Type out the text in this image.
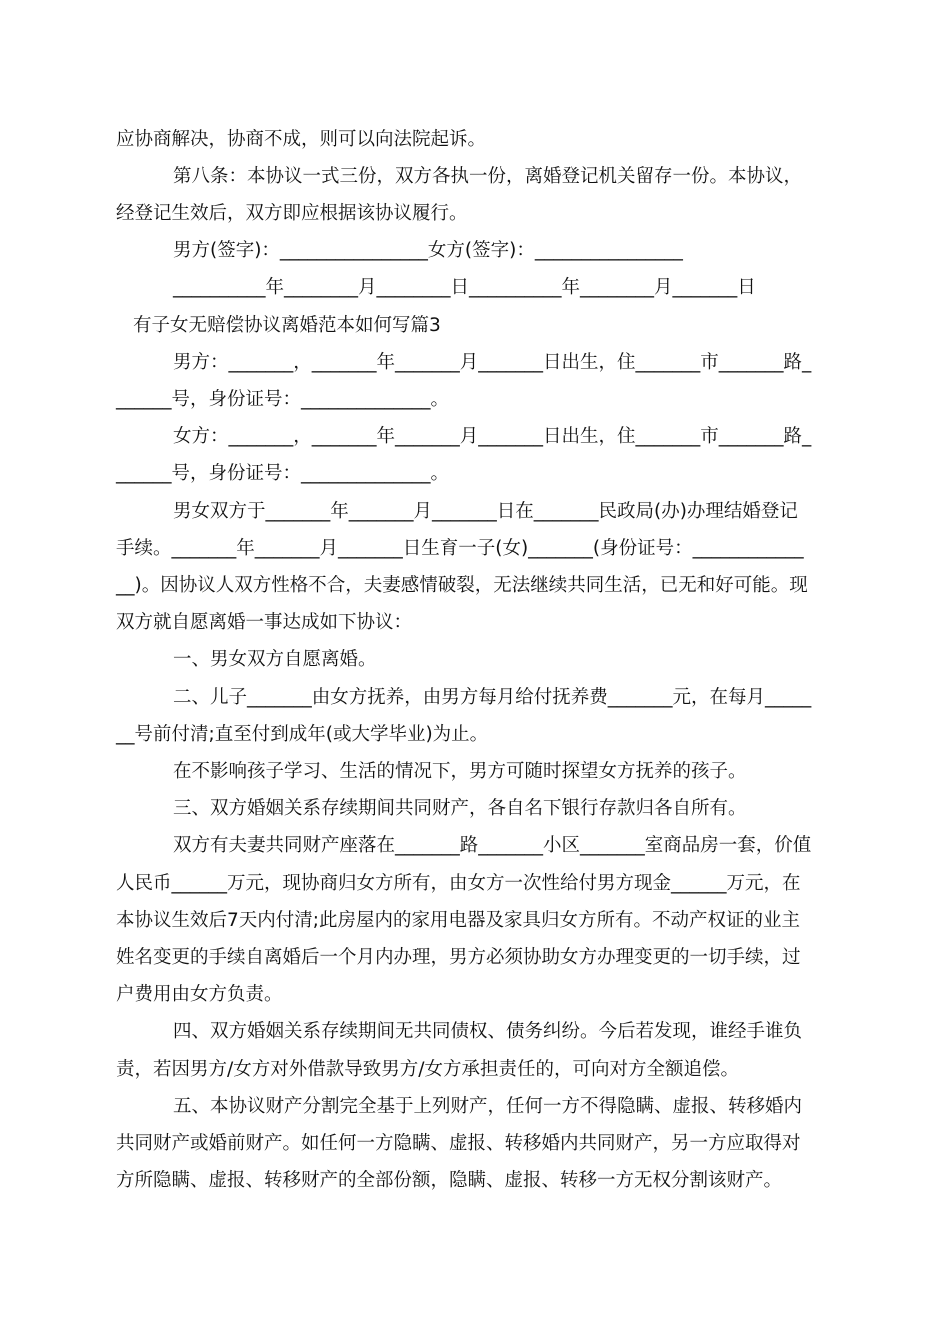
应协商解决，协商不成，则可以向法院起诉。

第八条：本协议一式三份，双方各执一份，离婚登记机关留存一份。本协议，

经登记生效后，双方即应根据该协议履行。

男方(签字)：________________女方(签字)：________________

__________年________月________日__________年________月_______日

有子女无赔偿协议离婚范本如何写篇3

男方：_______，_______年_______月_______日出生，住_______市_______路_

______号，身份证号：______________。

女方：_______，_______年_______月_______日出生，住_______市_______路_

______号，身份证号：______________。

男女双方于_______年_______月_______日在_______民政局(办)办理结婚登记

手续。_______年_______月_______日生育一子(女)_______(身份证号：____________

__)。因协议人双方性格不合，夫妻感情破裂，无法继续共同生活，已无和好可能。现

双方就自愿离婚一事达成如下协议：

一、男女双方自愿离婚。

二、儿子_______由女方抚养，由男方每月给付抚养费_______元，在每月_____

__号前付清;直至付到成年(或大学毕业)为止。

在不影响孩子学习、生活的情况下，男方可随时探望女方抚养的孩子。

三、双方婚姻关系存续期间共同财产，各自名下银行存款归各自所有。

双方有夫妻共同财产座落在_______路_______小区_______室商品房一套，价值

人民币______万元，现协商归女方所有，由女方一次性给付男方现金______万元，在

本协议生效后7天内付清;此房屋内的家用电器及家具归女方所有。不动产权证的业主

姓名变更的手续自离婚后一个月内办理，男方必须协助女方办理变更的一切手续，过

户费用由女方负责。

四、双方婚姻关系存续期间无共同债权、债务纠纷。今后若发现，谁经手谁负

责，若因男方/女方对外借款导致男方/女方承担责任的，可向对方全额追偿。

五、本协议财产分割完全基于上列财产，任何一方不得隐瞒、虚报、转移婚内

共同财产或婚前财产。如任何一方隐瞒、虚报、转移婚内共同财产，另一方应取得对

方所隐瞒、虚报、转移财产的全部份额，隐瞒、虚报、转移一方无权分割该财产。
